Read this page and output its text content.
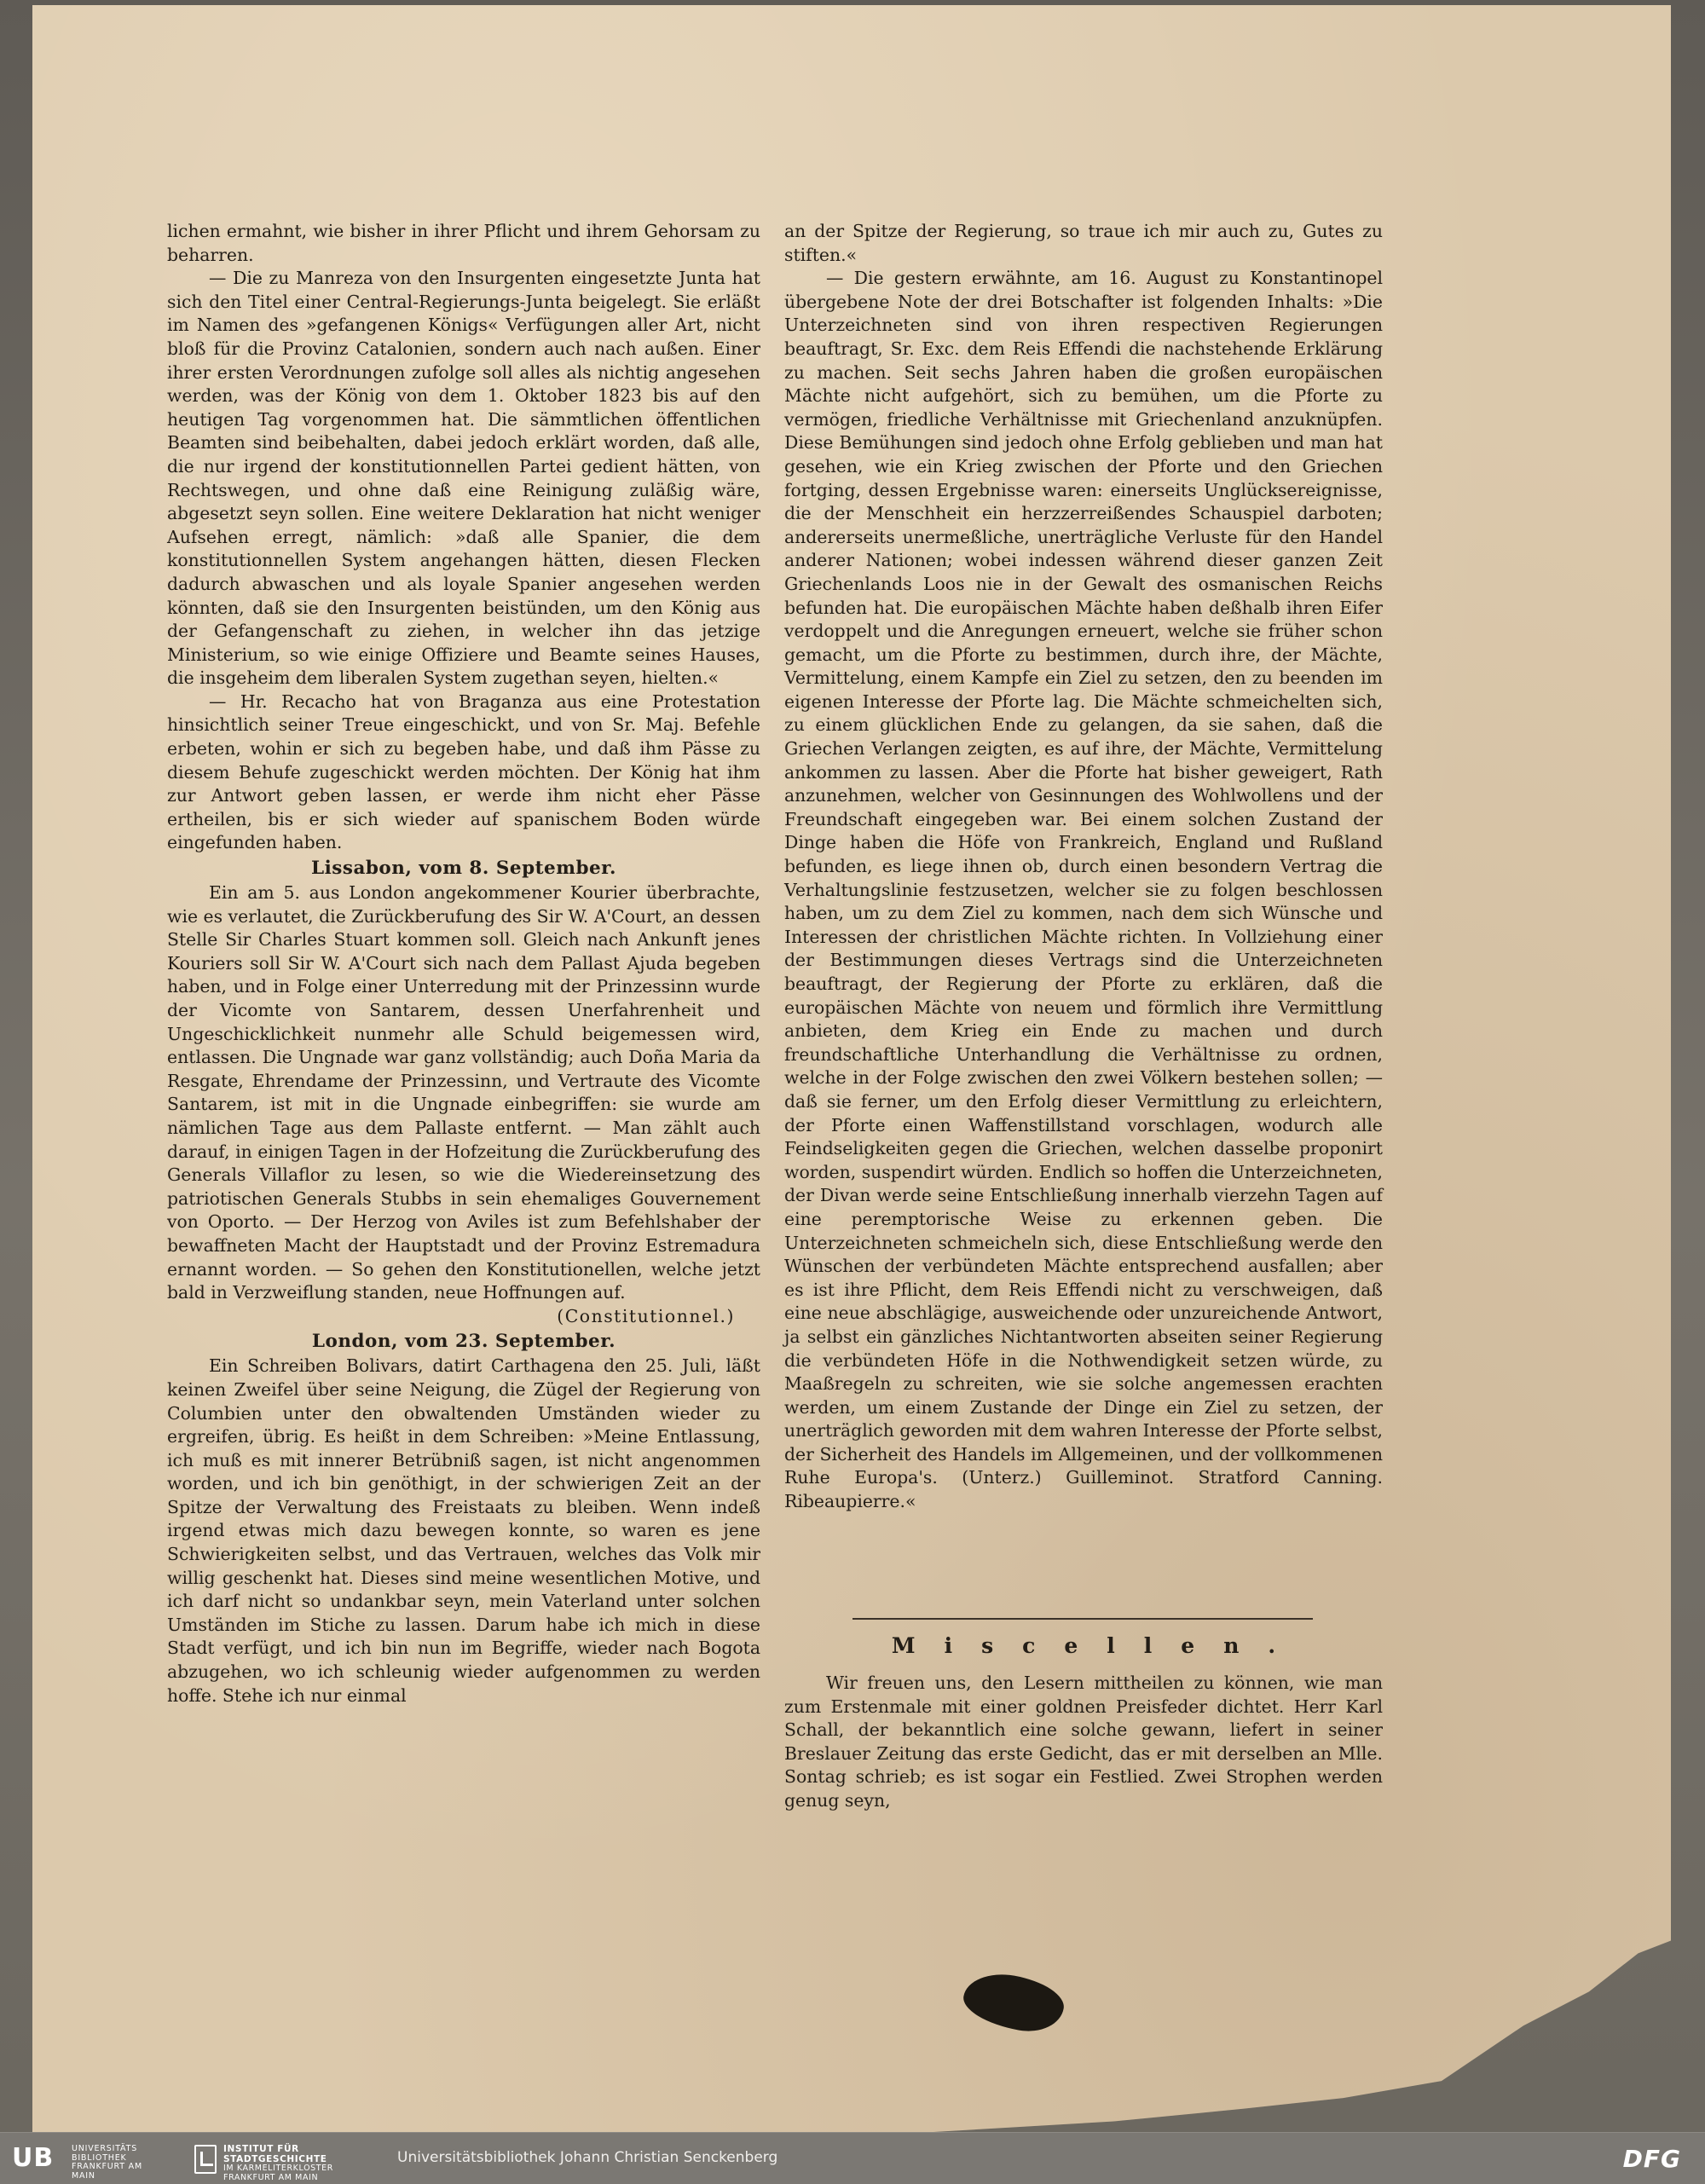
lichen ermahnt, wie bisher in ihrer Pflicht und ihrem Gehorsam zu beharren.

— Die zu Manreza von den Insurgenten eingesetzte Junta hat sich den Titel einer Central-Regierungs-Junta beigelegt. Sie erläßt im Namen des »gefangenen Königs« Verfügungen aller Art, nicht bloß für die Provinz Catalonien, sondern auch nach außen. Einer ihrer ersten Verordnungen zufolge soll alles als nichtig angesehen werden, was der König von dem 1. Oktober 1823 bis auf den heutigen Tag vorgenommen hat. Die sämmtlichen öffentlichen Beamten sind beibehalten, dabei jedoch erklärt worden, daß alle, die nur irgend der konstitutionnellen Partei gedient hätten, von Rechtswegen, und ohne daß eine Reinigung zuläßig wäre, abgesetzt seyn sollen. Eine weitere Deklaration hat nicht weniger Aufsehen erregt, nämlich: »daß alle Spanier, die dem konstitutionnellen System angehangen hätten, diesen Flecken dadurch abwaschen und als loyale Spanier angesehen werden könnten, daß sie den Insurgenten beistünden, um den König aus der Gefangenschaft zu ziehen, in welcher ihn das jetzige Ministerium, so wie einige Offiziere und Beamte seines Hauses, die insgeheim dem liberalen System zugethan seyen, hielten.«

— Hr. Recacho hat von Braganza aus eine Protestation hinsichtlich seiner Treue eingeschickt, und von Sr. Maj. Befehle erbeten, wohin er sich zu begeben habe, und daß ihm Pässe zu diesem Behufe zugeschickt werden möchten. Der König hat ihm zur Antwort geben lassen, er werde ihm nicht eher Pässe ertheilen, bis er sich wieder auf spanischem Boden würde eingefunden haben.

Lissabon, vom 8. September.

Ein am 5. aus London angekommener Kourier überbrachte, wie es verlautet, die Zurückberufung des Sir W. A'Court, an dessen Stelle Sir Charles Stuart kommen soll. Gleich nach Ankunft jenes Kouriers soll Sir W. A'Court sich nach dem Pallast Ajuda begeben haben, und in Folge einer Unterredung mit der Prinzessinn wurde der Vicomte von Santarem, dessen Unerfahrenheit und Ungeschicklichkeit nunmehr alle Schuld beigemessen wird, entlassen. Die Ungnade war ganz vollständig; auch Doña Maria da Resgate, Ehrendame der Prinzessinn, und Vertraute des Vicomte Santarem, ist mit in die Ungnade einbegriffen: sie wurde am nämlichen Tage aus dem Pallaste entfernt. — Man zählt auch darauf, in einigen Tagen in der Hofzeitung die Zurückberufung des Generals Villaflor zu lesen, so wie die Wiedereinsetzung des patriotischen Generals Stubbs in sein ehemaliges Gouvernement von Oporto. — Der Herzog von Aviles ist zum Befehlshaber der bewaffneten Macht der Hauptstadt und der Provinz Estremadura ernannt worden. — So gehen den Konstitutionellen, welche jetzt bald in Verzweiflung standen, neue Hoffnungen auf.

(Constitutionnel.)
London, vom 23. September.

Ein Schreiben Bolivars, datirt Carthagena den 25. Juli, läßt keinen Zweifel über seine Neigung, die Zügel der Regierung von Columbien unter den obwaltenden Umständen wieder zu ergreifen, übrig. Es heißt in dem Schreiben: »Meine Entlassung, ich muß es mit innerer Betrübniß sagen, ist nicht angenommen worden, und ich bin genöthigt, in der schwierigen Zeit an der Spitze der Verwaltung des Freistaats zu bleiben. Wenn indeß irgend etwas mich dazu bewegen konnte, so waren es jene Schwierigkeiten selbst, und das Vertrauen, welches das Volk mir willig geschenkt hat. Dieses sind meine wesentlichen Motive, und ich darf nicht so undankbar seyn, mein Vaterland unter solchen Umständen im Stiche zu lassen. Darum habe ich mich in diese Stadt verfügt, und ich bin nun im Begriffe, wieder nach Bogota abzugehen, wo ich schleunig wieder aufgenommen zu werden hoffe. Stehe ich nur einmal

an der Spitze der Regierung, so traue ich mir auch zu, Gutes zu stiften.«

— Die gestern erwähnte, am 16. August zu Konstantinopel übergebene Note der drei Botschafter ist folgenden Inhalts: »Die Unterzeichneten sind von ihren respectiven Regierungen beauftragt, Sr. Exc. dem Reis Effendi die nachstehende Erklärung zu machen. Seit sechs Jahren haben die großen europäischen Mächte nicht aufgehört, sich zu bemühen, um die Pforte zu vermögen, friedliche Verhältnisse mit Griechenland anzuknüpfen. Diese Bemühungen sind jedoch ohne Erfolg geblieben und man hat gesehen, wie ein Krieg zwischen der Pforte und den Griechen fortging, dessen Ergebnisse waren: einerseits Unglücksereignisse, die der Menschheit ein herzzerreißendes Schauspiel darboten; andererseits unermeßliche, unerträgliche Verluste für den Handel anderer Nationen; wobei indessen während dieser ganzen Zeit Griechenlands Loos nie in der Gewalt des osmanischen Reichs befunden hat. Die europäischen Mächte haben deßhalb ihren Eifer verdoppelt und die Anregungen erneuert, welche sie früher schon gemacht, um die Pforte zu bestimmen, durch ihre, der Mächte, Vermittelung, einem Kampfe ein Ziel zu setzen, den zu beenden im eigenen Interesse der Pforte lag. Die Mächte schmeichelten sich, zu einem glücklichen Ende zu gelangen, da sie sahen, daß die Griechen Verlangen zeigten, es auf ihre, der Mächte, Vermittelung ankommen zu lassen. Aber die Pforte hat bisher geweigert, Rath anzunehmen, welcher von Gesinnungen des Wohlwollens und der Freundschaft eingegeben war. Bei einem solchen Zustand der Dinge haben die Höfe von Frankreich, England und Rußland befunden, es liege ihnen ob, durch einen besondern Vertrag die Verhaltungslinie festzusetzen, welcher sie zu folgen beschlossen haben, um zu dem Ziel zu kommen, nach dem sich Wünsche und Interessen der christlichen Mächte richten. In Vollziehung einer der Bestimmungen dieses Vertrags sind die Unterzeichneten beauftragt, der Regierung der Pforte zu erklären, daß die europäischen Mächte von neuem und förmlich ihre Vermittlung anbieten, dem Krieg ein Ende zu machen und durch freundschaftliche Unterhandlung die Verhältnisse zu ordnen, welche in der Folge zwischen den zwei Völkern bestehen sollen; — daß sie ferner, um den Erfolg dieser Vermittlung zu erleichtern, der Pforte einen Waffenstillstand vorschlagen, wodurch alle Feindseligkeiten gegen die Griechen, welchen dasselbe proponirt worden, suspendirt würden. Endlich so hoffen die Unterzeichneten, der Divan werde seine Entschließung innerhalb vierzehn Tagen auf eine peremptorische Weise zu erkennen geben. Die Unterzeichneten schmeicheln sich, diese Entschließung werde den Wünschen der verbündeten Mächte entsprechend ausfallen; aber es ist ihre Pflicht, dem Reis Effendi nicht zu verschweigen, daß eine neue abschlägige, ausweichende oder unzureichende Antwort, ja selbst ein gänzliches Nichtantworten abseiten seiner Regierung die verbündeten Höfe in die Nothwendigkeit setzen würde, zu Maaßregeln zu schreiten, wie sie solche angemessen erachten werden, um einem Zustande der Dinge ein Ziel zu setzen, der unerträglich geworden mit dem wahren Interesse der Pforte selbst, der Sicherheit des Handels im Allgemeinen, und der vollkommenen Ruhe Europa's. (Unterz.) Guilleminot. Stratford Canning. Ribeaupierre.«

Miscellen.

Wir freuen uns, den Lesern mittheilen zu können, wie man zum Erstenmale mit einer goldnen Preisfeder dichtet. Herr Karl Schall, der bekanntlich eine solche gewann, liefert in seiner Breslauer Zeitung das erste Gedicht, das er mit derselben an Mlle. Sontag schrieb; es ist sogar ein Festlied. Zwei Strophen werden genug seyn,

UB UNIVERSITÄTS
BIBLIOTHEK
FRANKFURT AM MAIN
INSTITUT FÜR
STADTGESCHICHTE
IM KARMELITERKLOSTER
FRANKFURT AM MAIN
Universitätsbibliothek Johann Christian Senckenberg	DFG
